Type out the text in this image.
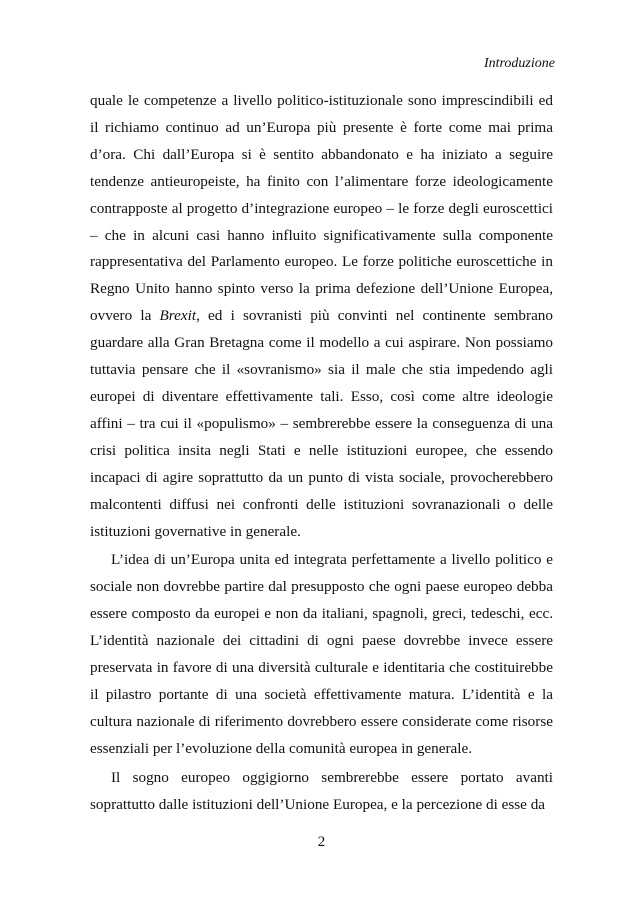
Introduzione

quale le competenze a livello politico-istituzionale sono imprescindibili ed il richiamo continuo ad un’Europa più presente è forte come mai prima d’ora. Chi dall’Europa si è sentito abbandonato e ha iniziato a seguire tendenze antieuropeiste, ha finito con l’alimentare forze ideologicamente contrapposte al progetto d’integrazione europeo – le forze degli euroscettici – che in alcuni casi hanno influito significativamente sulla componente rappresentativa del Parlamento europeo. Le forze politiche euroscettiche in Regno Unito hanno spinto verso la prima defezione dell’Unione Europea, ovvero la Brexit, ed i sovranisti più convinti nel continente sembrano guardare alla Gran Bretagna come il modello a cui aspirare. Non possiamo tuttavia pensare che il «sovranismo» sia il male che stia impedendo agli europei di diventare effettivamente tali. Esso, così come altre ideologie affini – tra cui il «populismo» – sembrerebbe essere la conseguenza di una crisi politica insita negli Stati e nelle istituzioni europee, che essendo incapaci di agire soprattutto da un punto di vista sociale, provocherebbero malcontenti diffusi nei confronti delle istituzioni sovranazionali o delle istituzioni governative in generale.

L’idea di un’Europa unita ed integrata perfettamente a livello politico e sociale non dovrebbe partire dal presupposto che ogni paese europeo debba essere composto da europei e non da italiani, spagnoli, greci, tedeschi, ecc. L’identità nazionale dei cittadini di ogni paese dovrebbe invece essere preservata in favore di una diversità culturale e identitaria che costituirebbe il pilastro portante di una società effettivamente matura. L’identità e la cultura nazionale di riferimento dovrebbero essere considerate come risorse essenziali per l’evoluzione della comunità europea in generale.

Il sogno europeo oggigiorno sembrerebbe essere portato avanti soprattutto dalle istituzioni dell’Unione Europea, e la percezione di esse da

2
